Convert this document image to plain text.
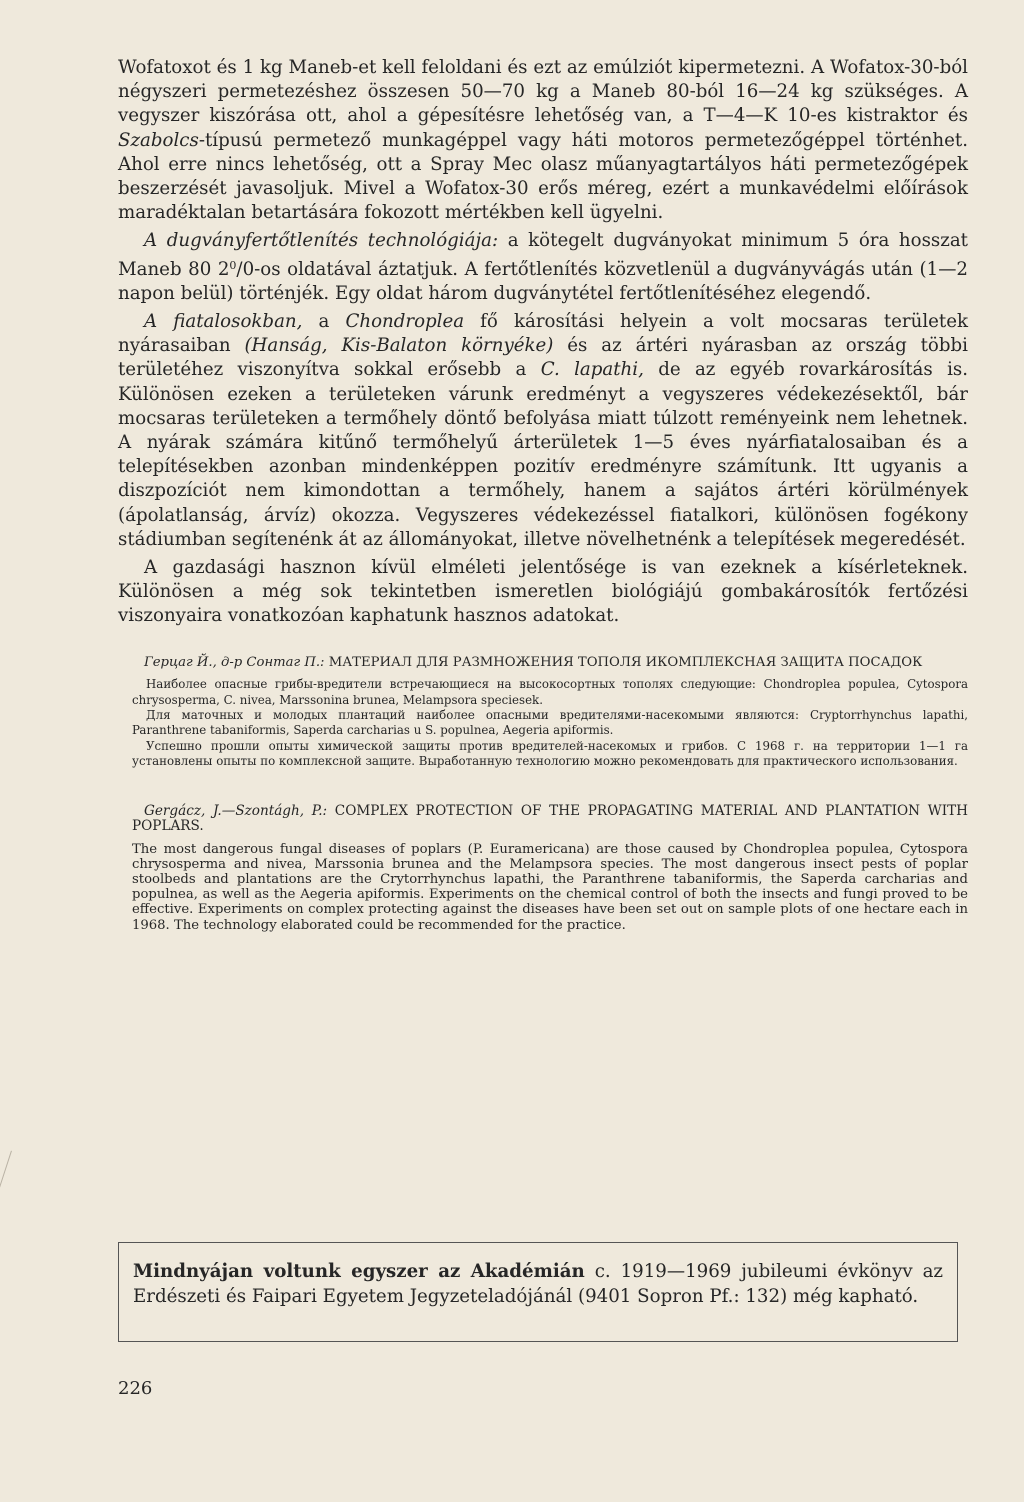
Wofatoxot és 1 kg Maneb-et kell feloldani és ezt az emúlziót kipermetezni. A Wofatox-30-ból négyszeri permetezéshez összesen 50—70 kg a Maneb 80-ból 16—24 kg szükséges. A vegyszer kiszórása ott, ahol a gépesítésre lehetőség van, a T—4—K 10-es kistraktor és Szabolcs-típusú permetező munkagéppel vagy háti motoros permetezőgéppel történhet. Ahol erre nincs lehetőség, ott a Spray Mec olasz műanyagtartályos háti permetezőgépek beszerzését javasoljuk. Mivel a Wofatox-30 erős méreg, ezért a munkavédelmi előírások maradéktalan betartására fokozott mértékben kell ügyelni.

A dugványfertőtlenítés technológiája: a kötegelt dugványokat minimum 5 óra hosszat Maneb 80 $2^0/0-os$ oldatával áztatjuk. A fertőtlenítés közvetlenül a dugványvágás után (1—2 napon belül) történjék. Egy oldat három dugványtétel fertőtlenítéséhez elegendő.

A fiatalosokban, a Chondroplea fő károsítási helyein a volt mocsaras területek nyárasaiban (Hanság, Kis-Balaton környéke) és az ártéri nyárasban az ország többi területéhez viszonyítva sokkal erősebb a C. lapathi, de az egyéb rovarkárosítás is. Különösen ezeken a területeken várunk eredményt a vegyszeres védekezésektől, bár mocsaras területeken a termőhely döntő befolyása miatt túlzott reményeink nem lehetnek. A nyárak számára kitűnő termőhelyű árterületek 1—5 éves nyárfiatalosaiban és a telepítésekben azonban mindenképpen pozitív eredményre számítunk. Itt ugyanis a diszpozíciót nem kimondottan a termőhely, hanem a sajátos ártéri körülmények (ápolatlanság, árvíz) okozza. Vegyszeres védekezéssel fiatalkori, különösen fogékony stádiumban segítenénk át az állományokat, illetve növelhetnénk a telepítések megeredését.

A gazdasági hasznon kívül elméleti jelentősége is van ezeknek a kísérleteknek. Különösen a még sok tekintetben ismeretlen biológiájú gombakárosítók fertőzési viszonyaira vonatkozóan kaphatunk hasznos adatokat.

Герцаг Й., д-р Сонтаг П.: МАТЕРИАЛ ДЛЯ РАЗМНОЖЕНИЯ ТОПОЛЯ ИКОМПЛЕКСНАЯ ЗАЩИТА ПОСАДОК

Наиболее опасные грибы-вредители встречающиеся на высокосортных тополях следующие: Chondroplea populea, Cytospora chrysosperma, C. nivea, Marssonina brunea, Melampsora speciesek.

Для маточных и молодых плантаций наиболее опасными вредителями-насекомыми являются: Cryptorrhynchus lapathi, Paranthrene tabaniformis, Saperda carcharias u S. populnea, Aegeria apiformis.

Успешно прошли опыты химической защиты против вредителей-насекомых и грибов. С 1968 г. на территории 1—1 га установлены опыты по комплексной защите. Выработанную технологию можно рекомендовать для практического использования.

Gergácz, J.—Szontágh, P.: COMPLEX PROTECTION OF THE PROPAGATING MATERIAL AND PLANTATION WITH POPLARS.

The most dangerous fungal diseases of poplars (P. Euramericana) are those caused by Chondroplea populea, Cytospora chrysosperma and nivea, Marssonia brunea and the Melampsora species. The most dangerous insect pests of poplar stoolbeds and plantations are the Crytorrhynchus lapathi, the Paranthrene tabaniformis, the Saperda carcharias and populnea, as well as the Aegeria apiformis. Experiments on the chemical control of both the insects and fungi proved to be effective. Experiments on complex protecting against the diseases have been set out on sample plots of one hectare each in 1968. The technology elaborated could be recommended for the practice.

Mindnyájan voltunk egyszer az Akadémián c. 1919—1969 jubileumi évkönyv az Erdészeti és Faipari Egyetem Jegyzeteladójánál (9401 Sopron Pf.: 132) még kapható.

226
